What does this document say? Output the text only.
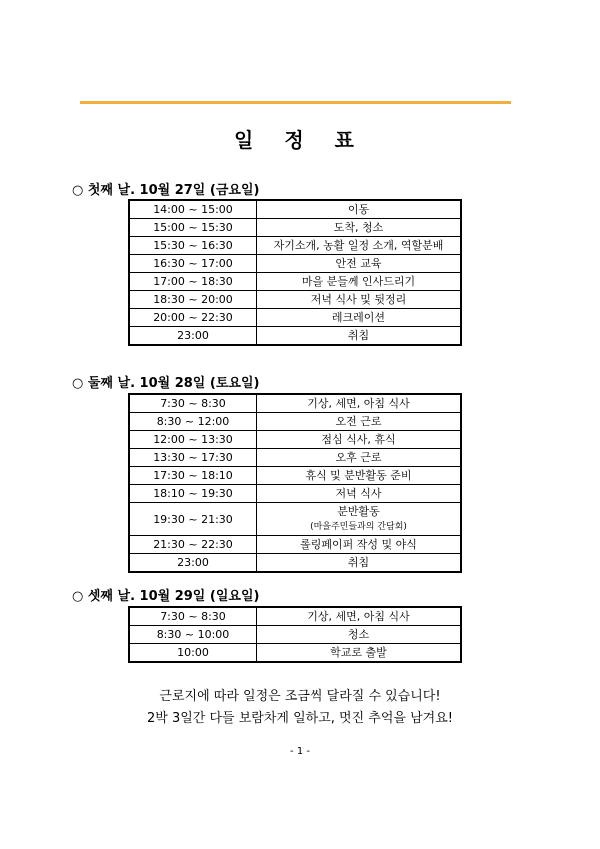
일 정 표
○ 첫째 날. 10월 27일 (금요일)
14:00 ~ 15:00	이동
15:00 ~ 15:30	도착, 청소
15:30 ~ 16:30	자기소개, 농활 일정 소개, 역할분배
16:30 ~ 17:00	안전 교육
17:00 ~ 18:30	마을 분들께 인사드리기
18:30 ~ 20:00	저녁 식사 및 뒷정리
20:00 ~ 22:30	레크레이션
23:00	취침
○ 둘째 날. 10월 28일 (토요일)
7:30 ~ 8:30	기상, 세면, 아침 식사
8:30 ~ 12:00	오전 근로
12:00 ~ 13:30	점심 식사, 휴식
13:30 ~ 17:30	오후 근로
17:30 ~ 18:10	휴식 및 분반활동 준비
18:10 ~ 19:30	저녁 식사
19:30 ~ 21:30	분반활동
(마을주민들과의 간담회)

21:30 ~ 22:30	롤링페이퍼 작성 및 야식
23:00	취침
○ 셋째 날. 10월 29일 (일요일)
7:30 ~ 8:30	기상, 세면, 아침 식사
8:30 ~ 10:00	청소
10:00	학교로 출발
근로지에 따라 일정은 조금씩 달라질 수 있습니다!
2박 3일간 다들 보람차게 일하고, 멋진 추억을 남겨요!
- 1 -
